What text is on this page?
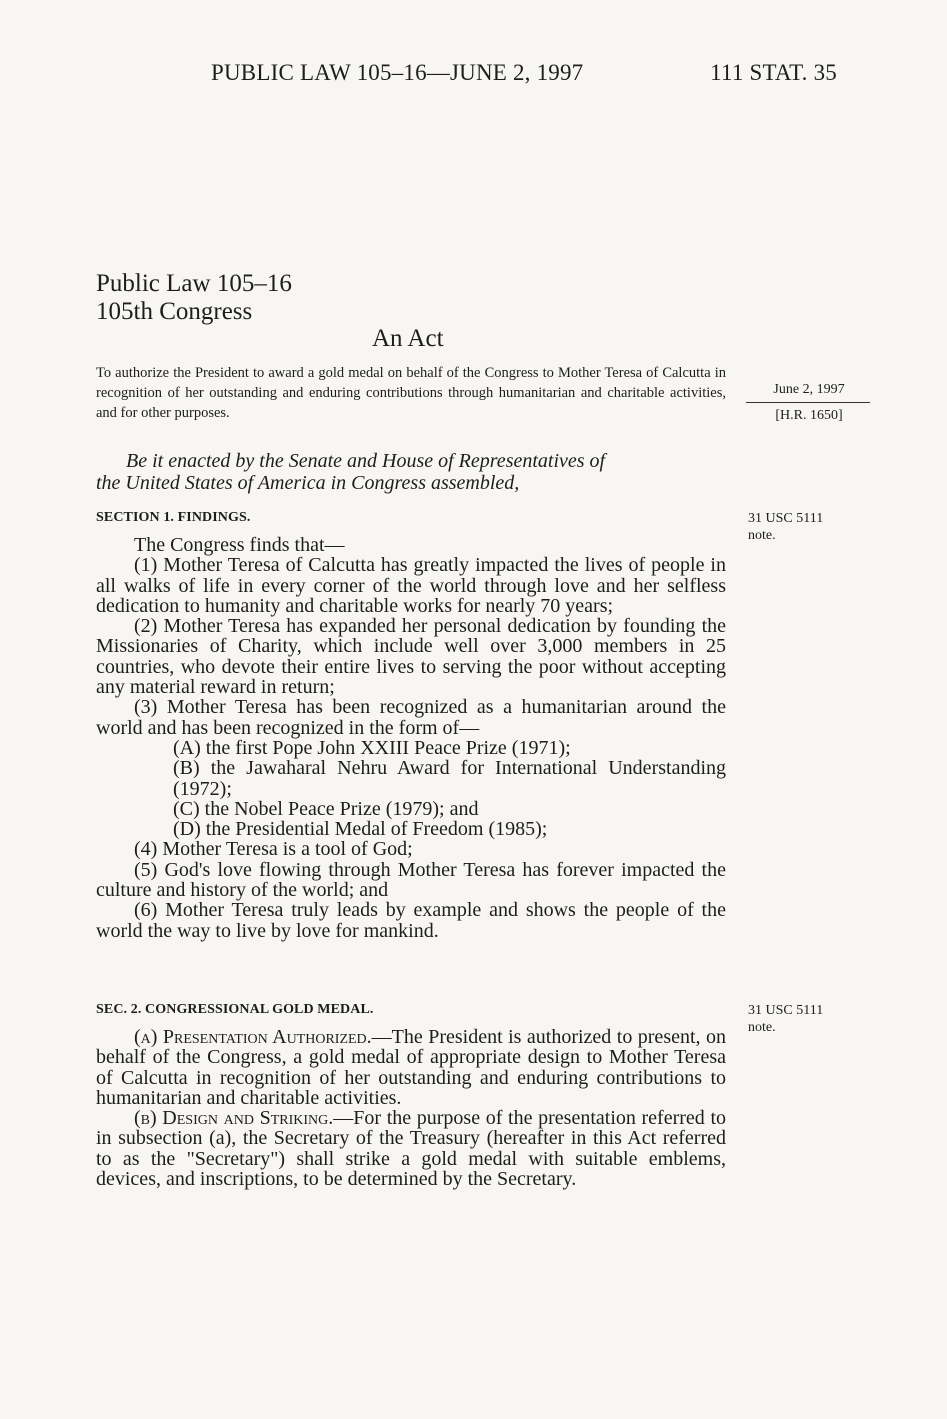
PUBLIC LAW 105–16—JUNE 2, 1997	111 STAT. 35
Public Law 105–16
105th Congress
An Act
To authorize the President to award a gold medal on behalf of the Congress to Mother Teresa of Calcutta in recognition of her outstanding and enduring contributions through humanitarian and charitable activities, and for other purposes.
June 2, 1997
[H.R. 1650]
Be it enacted by the Senate and House of Representatives of
the United States of America in Congress assembled,
SECTION 1. FINDINGS.	31 USC 5111 note.

The Congress finds that—

(1) Mother Teresa of Calcutta has greatly impacted the lives of people in all walks of life in every corner of the world through love and her selfless dedication to humanity and charitable works for nearly 70 years;

(2) Mother Teresa has expanded her personal dedication by founding the Missionaries of Charity, which include well over 3,000 members in 25 countries, who devote their entire lives to serving the poor without accepting any material reward in return;

(3) Mother Teresa has been recognized as a humanitarian around the world and has been recognized in the form of—

(A) the first Pope John XXIII Peace Prize (1971);

(B) the Jawaharal Nehru Award for International Understanding (1972);

(C) the Nobel Peace Prize (1979); and

(D) the Presidential Medal of Freedom (1985);

(4) Mother Teresa is a tool of God;

(5) God's love flowing through Mother Teresa has forever impacted the culture and history of the world; and

(6) Mother Teresa truly leads by example and shows the people of the world the way to live by love for mankind.

SEC. 2. CONGRESSIONAL GOLD MEDAL.	31 USC 5111 note.

(a) Presentation Authorized.—The President is authorized to present, on behalf of the Congress, a gold medal of appropriate design to Mother Teresa of Calcutta in recognition of her outstanding and enduring contributions to humanitarian and charitable activities.

(b) Design and Striking.—For the purpose of the presentation referred to in subsection (a), the Secretary of the Treasury (hereafter in this Act referred to as the "Secretary") shall strike a gold medal with suitable emblems, devices, and inscriptions, to be determined by the Secretary.
